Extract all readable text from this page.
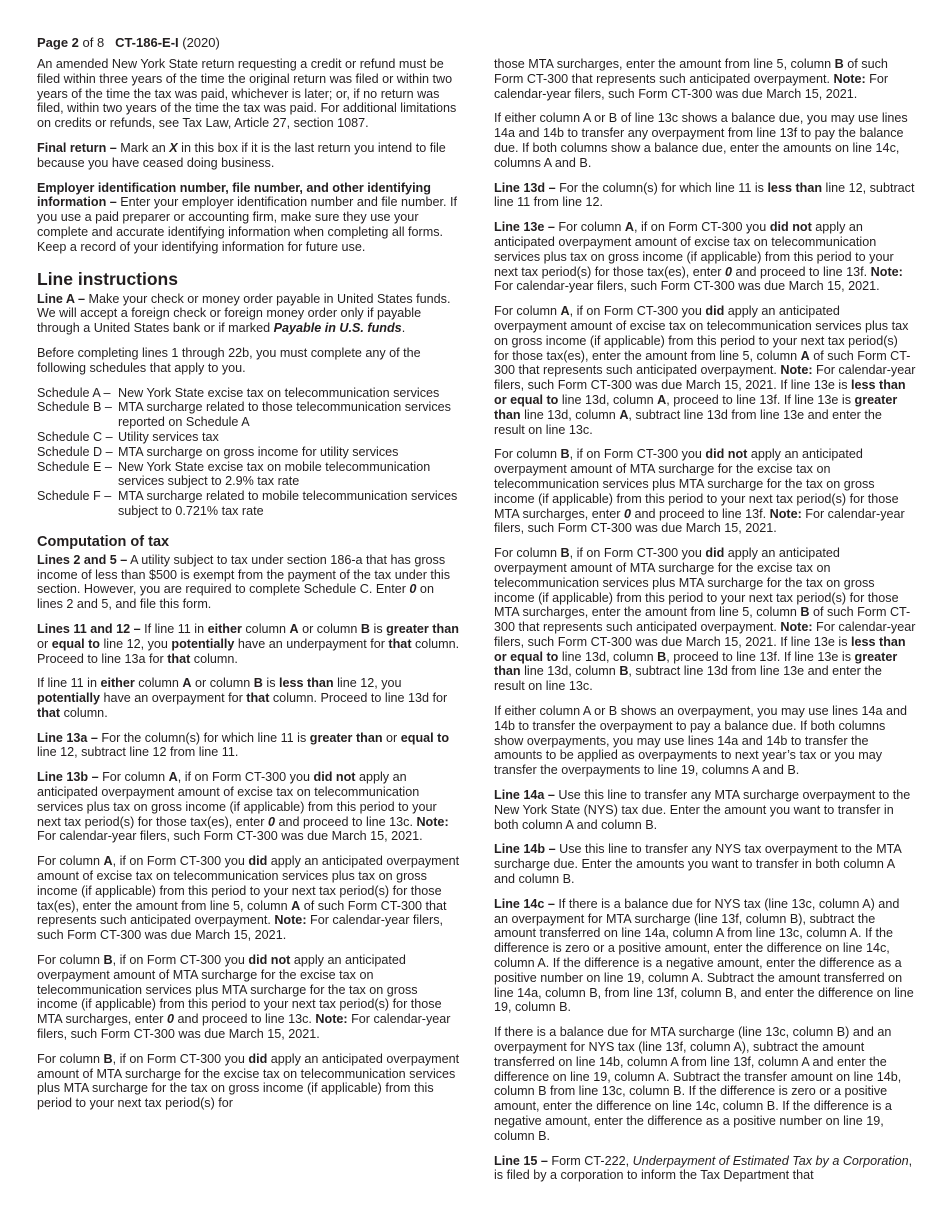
Page 2 of 8   CT-186-E-I (2020)

An amended New York State return requesting a credit or refund must be filed within three years of the time the original return was filed or within two years of the time the tax was paid, whichever is later; or, if no return was filed, within two years of the time the tax was paid. For additional limitations on credits or refunds, see Tax Law, Article 27, section 1087.

Final return – Mark an X in this box if it is the last return you intend to file because you have ceased doing business.

Employer identification number, file number, and other identifying information – Enter your employer identification number and file number. If you use a paid preparer or accounting firm, make sure they use your complete and accurate identifying information when completing all forms. Keep a record of your identifying information for future use.

Line instructions

Line A – Make your check or money order payable in United States funds. We will accept a foreign check or foreign money order only if payable through a United States bank or if marked Payable in U.S. funds.

Before completing lines 1 through 22b, you must complete any of the following schedules that apply to you.

Schedule A – New York State excise tax on telecommunication services
Schedule B – MTA surcharge related to those telecommunication services reported on Schedule A
Schedule C – Utility services tax
Schedule D – MTA surcharge on gross income for utility services
Schedule E – New York State excise tax on mobile telecommunication services subject to 2.9% tax rate
Schedule F – MTA surcharge related to mobile telecommunication services subject to 0.721% tax rate
Computation of tax

Lines 2 and 5 – A utility subject to tax under section 186-a that has gross income of less than $500 is exempt from the payment of the tax under this section. However, you are required to complete Schedule C. Enter 0 on lines 2 and 5, and file this form.

Lines 11 and 12 – If line 11 in either column A or column B is greater than or equal to line 12, you potentially have an underpayment for that column. Proceed to line 13a for that column.

If line 11 in either column A or column B is less than line 12, you potentially have an overpayment for that column. Proceed to line 13d for that column.

Line 13a – For the column(s) for which line 11 is greater than or equal to line 12, subtract line 12 from line 11.

Line 13b – For column A, if on Form CT-300 you did not apply an anticipated overpayment amount of excise tax on telecommunication services plus tax on gross income (if applicable) from this period to your next tax period(s) for those tax(es), enter 0 and proceed to line 13c. Note: For calendar-year filers, such Form CT-300 was due March 15, 2021.

For column A, if on Form CT-300 you did apply an anticipated overpayment amount of excise tax on telecommunication services plus tax on gross income (if applicable) from this period to your next tax period(s) for those tax(es), enter the amount from line 5, column A of such Form CT-300 that represents such anticipated overpayment. Note: For calendar-year filers, such Form CT-300 was due March 15, 2021.

For column B, if on Form CT-300 you did not apply an anticipated overpayment amount of MTA surcharge for the excise tax on telecommunication services plus MTA surcharge for the tax on gross income (if applicable) from this period to your next tax period(s) for those MTA surcharges, enter 0 and proceed to line 13c. Note: For calendar-year filers, such Form CT-300 was due March 15, 2021.

For column B, if on Form CT-300 you did apply an anticipated overpayment amount of MTA surcharge for the excise tax on telecommunication services plus MTA surcharge for the tax on gross income (if applicable) from this period to your next tax period(s) for

those MTA surcharges, enter the amount from line 5, column B of such Form CT-300 that represents such anticipated overpayment. Note: For calendar-year filers, such Form CT-300 was due March 15, 2021.

If either column A or B of line 13c shows a balance due, you may use lines 14a and 14b to transfer any overpayment from line 13f to pay the balance due. If both columns show a balance due, enter the amounts on line 14c, columns A and B.

Line 13d – For the column(s) for which line 11 is less than line 12, subtract line 11 from line 12.

Line 13e – For column A, if on Form CT-300 you did not apply an anticipated overpayment amount of excise tax on telecommunication services plus tax on gross income (if applicable) from this period to your next tax period(s) for those tax(es), enter 0 and proceed to line 13f. Note: For calendar-year filers, such Form CT-300 was due March 15, 2021.

For column A, if on Form CT-300 you did apply an anticipated overpayment amount of excise tax on telecommunication services plus tax on gross income (if applicable) from this period to your next tax period(s) for those tax(es), enter the amount from line 5, column A of such Form CT-300 that represents such anticipated overpayment. Note: For calendar-year filers, such Form CT-300 was due March 15, 2021. If line 13e is less than or equal to line 13d, column A, proceed to line 13f. If line 13e is greater than line 13d, column A, subtract line 13d from line 13e and enter the result on line 13c.

For column B, if on Form CT-300 you did not apply an anticipated overpayment amount of MTA surcharge for the excise tax on telecommunication services plus MTA surcharge for the tax on gross income (if applicable) from this period to your next tax period(s) for those MTA surcharges, enter 0 and proceed to line 13f. Note: For calendar-year filers, such Form CT-300 was due March 15, 2021.

For column B, if on Form CT-300 you did apply an anticipated overpayment amount of MTA surcharge for the excise tax on telecommunication services plus MTA surcharge for the tax on gross income (if applicable) from this period to your next tax period(s) for those MTA surcharges, enter the amount from line 5, column B of such Form CT-300 that represents such anticipated overpayment. Note: For calendar-year filers, such Form CT-300 was due March 15, 2021. If line 13e is less than or equal to line 13d, column B, proceed to line 13f. If line 13e is greater than line 13d, column B, subtract line 13d from line 13e and enter the result on line 13c.

If either column A or B shows an overpayment, you may use lines 14a and 14b to transfer the overpayment to pay a balance due. If both columns show overpayments, you may use lines 14a and 14b to transfer the amounts to be applied as overpayments to next year’s tax or you may transfer the overpayments to line 19, columns A and B.

Line 14a – Use this line to transfer any MTA surcharge overpayment to the New York State (NYS) tax due. Enter the amount you want to transfer in both column A and column B.

Line 14b – Use this line to transfer any NYS tax overpayment to the MTA surcharge due. Enter the amounts you want to transfer in both column A and column B.

Line 14c – If there is a balance due for NYS tax (line 13c, column A) and an overpayment for MTA surcharge (line 13f, column B), subtract the amount transferred on line 14a, column A from line 13c, column A. If the difference is zero or a positive amount, enter the difference on line 14c, column A. If the difference is a negative amount, enter the difference as a positive number on line 19, column A. Subtract the amount transferred on line 14a, column B, from line 13f, column B, and enter the difference on line 19, column B.

If there is a balance due for MTA surcharge (line 13c, column B) and an overpayment for NYS tax (line 13f, column A), subtract the amount transferred on line 14b, column A from line 13f, column A and enter the difference on line 19, column A. Subtract the transfer amount on line 14b, column B from line 13c, column B. If the difference is zero or a positive amount, enter the difference on line 14c, column B. If the difference is a negative amount, enter the difference as a positive number on line 19, column B.

Line 15 – Form CT-222, Underpayment of Estimated Tax by a Corporation, is filed by a corporation to inform the Tax Department that
